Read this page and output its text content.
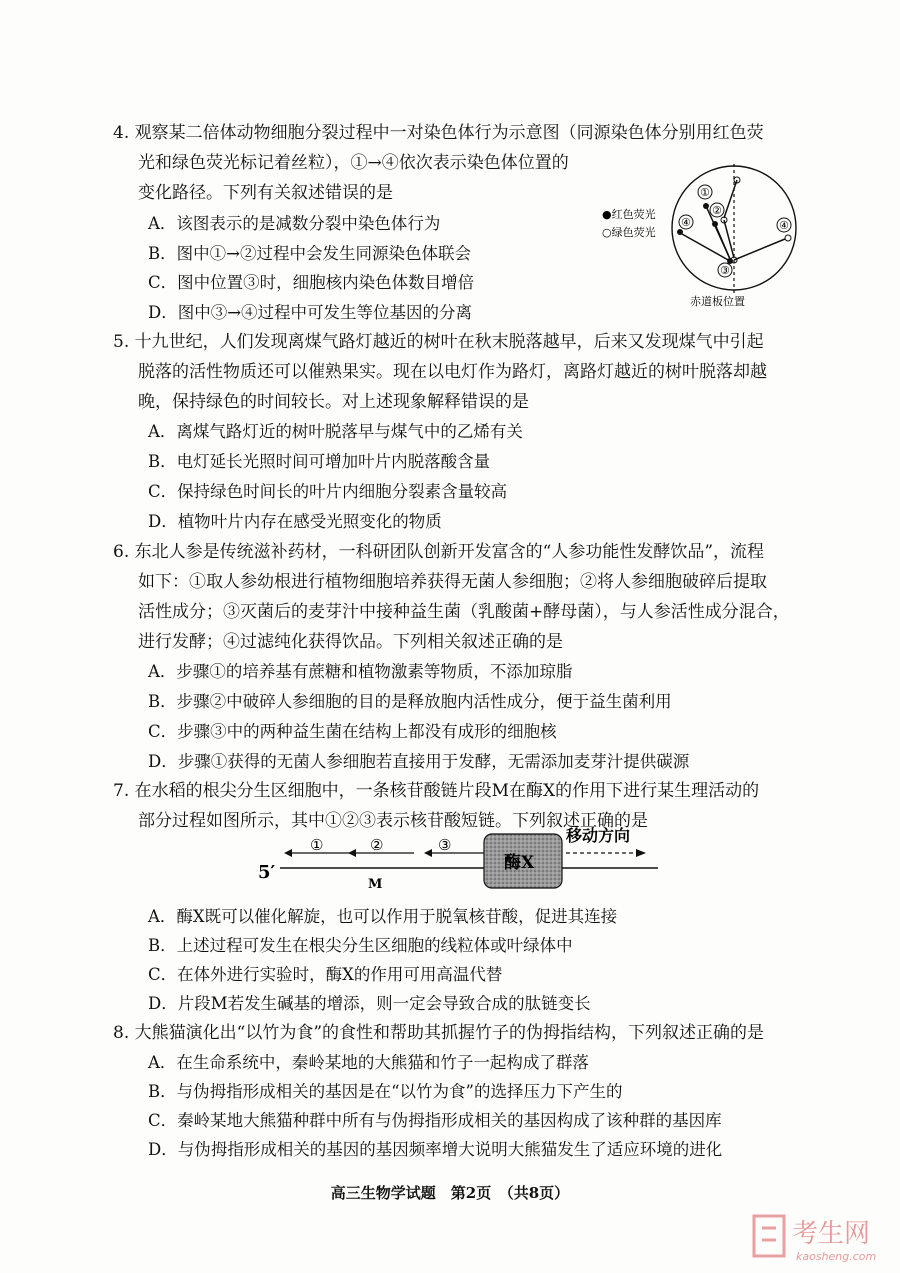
4. 观察某二倍体动物细胞分裂过程中一对染色体行为示意图（同源染色体分别用红色荧
光和绿色荧光标记着丝粒），①→④依次表示染色体位置的
变化路径。下列有关叙述错误的是
A．该图表示的是减数分裂中染色体行为
B．图中①→②过程中会发生同源染色体联会
C．图中位置③时，细胞核内染色体数目增倍
D．图中③→④过程中可发生等位基因的分离
●红色荧光
○绿色荧光
赤道板位置
①
②
③
④	④
5. 十九世纪，人们发现离煤气路灯越近的树叶在秋末脱落越早，后来又发现煤气中引起
脱落的活性物质还可以催熟果实。现在以电灯作为路灯，离路灯越近的树叶脱落却越
晚，保持绿色的时间较长。对上述现象解释错误的是
A．离煤气路灯近的树叶脱落早与煤气中的乙烯有关
B．电灯延长光照时间可增加叶片内脱落酸含量
C．保持绿色时间长的叶片内细胞分裂素含量较高
D．植物叶片内存在感受光照变化的物质
6. 东北人参是传统滋补药材，一科研团队创新开发富含的“人参功能性发酵饮品”，流程
如下：①取人参幼根进行植物细胞培养获得无菌人参细胞；②将人参细胞破碎后提取
活性成分；③灭菌后的麦芽汁中接种益生菌（乳酸菌+酵母菌），与人参活性成分混合，
进行发酵；④过滤纯化获得饮品。下列相关叙述正确的是
A．步骤①的培养基有蔗糖和植物激素等物质，不添加琼脂
B．步骤②中破碎人参细胞的目的是释放胞内活性成分，便于益生菌利用
C．步骤③中的两种益生菌在结构上都没有成形的细胞核
D．步骤①获得的无菌人参细胞若直接用于发酵，无需添加麦芽汁提供碳源
7. 在水稻的根尖分生区细胞中，一条核苷酸链片段M在酶X的作用下进行某生理活动的
部分过程如图所示，其中①②③表示核苷酸短链。下列叙述正确的是
5′
M
①	②	③
酶X
移动方向
A．酶X既可以催化解旋，也可以作用于脱氧核苷酸，促进其连接
B．上述过程可发生在根尖分生区细胞的线粒体或叶绿体中
C．在体外进行实验时，酶X的作用可用高温代替
D．片段M若发生碱基的增添，则一定会导致合成的肽链变长
8. 大熊猫演化出“以竹为食”的食性和帮助其抓握竹子的伪拇指结构，下列叙述正确的是
A．在生命系统中，秦岭某地的大熊猫和竹子一起构成了群落
B．与伪拇指形成相关的基因是在“以竹为食”的选择压力下产生的
C．秦岭某地大熊猫种群中所有与伪拇指形成相关的基因构成了该种群的基因库
D．与伪拇指形成相关的基因的基因频率增大说明大熊猫发生了适应环境的进化
高三生物学试题　第2页　（共8页）
考生网
kaosheng.com
